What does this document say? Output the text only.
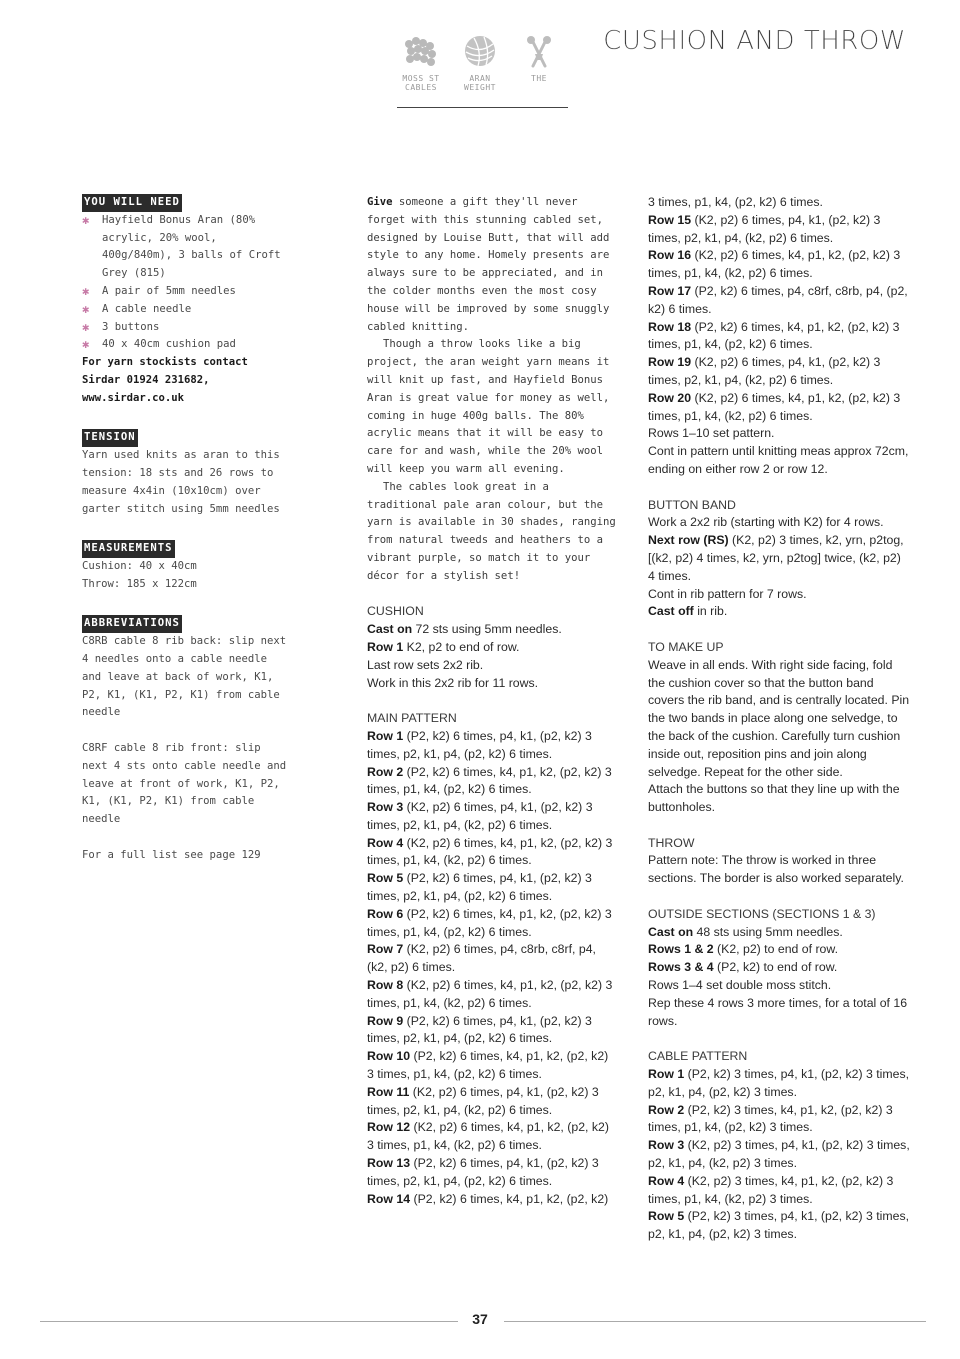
CUSHION AND THROW
MOSS ST CABLES
ARAN WEIGHT
THE
YOU WILL NEED
✱	Hayfield Bonus Aran (80% acrylic, 20% wool, 400g/840m), 3 balls of Croft Grey (815)
✱	A pair of 5mm needles
✱	A cable needle
✱	3 buttons
✱	40 x 40cm cushion pad
For yarn stockists contact Sirdar 01924 231682, www.sirdar.co.uk
TENSION
Yarn used knits as aran to this tension: 18 sts and 26 rows to measure 4x4in (10x10cm) over garter stitch using 5mm needles
MEASUREMENTS
Cushion: 40 x 40cm
Throw: 185 x 122cm
ABBREVIATIONS
C8RB cable 8 rib back: slip next 4 needles onto a cable needle and leave at back of work, K1, P2, K1, (K1, P2, K1) from cable needle
C8RF cable 8 rib front: slip next 4 sts onto cable needle and leave at front of work, K1, P2, K1, (K1, P2, K1) from cable needle
For a full list see page 129

Give someone a gift they'll never forget with this stunning cabled set, designed by Louise Butt, that will add style to any home. Homely presents are always sure to be appreciated, and in the colder months even the most cosy house will be improved by some snuggly cabled knitting.

Though a throw looks like a big project, the aran weight yarn means it will knit up fast, and Hayfield Bonus Aran is great value for money as well, coming in huge 400g balls. The 80% acrylic means that it will be easy to care for and wash, while the 20% wool will keep you warm all evening.

The cables look great in a traditional pale aran colour, but the yarn is available in 30 shades, ranging from natural tweeds and heathers to a vibrant purple, so match it to your décor for a stylish set!

CUSHION
Cast on 72 sts using 5mm needles.
Row 1 K2, p2 to end of row.
Last row sets 2x2 rib.
Work in this 2x2 rib for 11 rows.
MAIN PATTERN
Row 1 (P2, k2) 6 times, p4, k1, (p2, k2) 3 times, p2, k1, p4, (p2, k2) 6 times.
Row 2 (P2, k2) 6 times, k4, p1, k2, (p2, k2) 3 times, p1, k4, (p2, k2) 6 times.
Row 3 (K2, p2) 6 times, p4, k1, (p2, k2) 3 times, p2, k1, p4, (k2, p2) 6 times.
Row 4 (K2, p2) 6 times, k4, p1, k2, (p2, k2) 3 times, p1, k4, (k2, p2) 6 times.
Row 5 (P2, k2) 6 times, p4, k1, (p2, k2) 3 times, p2, k1, p4, (p2, k2) 6 times.
Row 6 (P2, k2) 6 times, k4, p1, k2, (p2, k2) 3 times, p1, k4, (p2, k2) 6 times.
Row 7 (K2, p2) 6 times, p4, c8rb, c8rf, p4, (k2, p2) 6 times.
Row 8 (K2, p2) 6 times, k4, p1, k2, (p2, k2) 3 times, p1, k4, (k2, p2) 6 times.
Row 9 (P2, k2) 6 times, p4, k1, (p2, k2) 3 times, p2, k1, p4, (p2, k2) 6 times.
Row 10 (P2, k2) 6 times, k4, p1, k2, (p2, k2) 3 times, p1, k4, (p2, k2) 6 times.
Row 11 (K2, p2) 6 times, p4, k1, (p2, k2) 3 times, p2, k1, p4, (k2, p2) 6 times.
Row 12 (K2, p2) 6 times, k4, p1, k2, (p2, k2) 3 times, p1, k4, (k2, p2) 6 times.
Row 13 (P2, k2) 6 times, p4, k1, (p2, k2) 3 times, p2, k1, p4, (p2, k2) 6 times.
Row 14 (P2, k2) 6 times, k4, p1, k2, (p2, k2)
3 times, p1, k4, (p2, k2) 6 times.
Row 15 (K2, p2) 6 times, p4, k1, (p2, k2) 3 times, p2, k1, p4, (k2, p2) 6 times.
Row 16 (K2, p2) 6 times, k4, p1, k2, (p2, k2) 3 times, p1, k4, (k2, p2) 6 times.
Row 17 (P2, k2) 6 times, p4, c8rf, c8rb, p4, (p2, k2) 6 times.
Row 18 (P2, k2) 6 times, k4, p1, k2, (p2, k2) 3 times, p1, k4, (p2, k2) 6 times.
Row 19 (K2, p2) 6 times, p4, k1, (p2, k2) 3 times, p2, k1, p4, (k2, p2) 6 times.
Row 20 (K2, p2) 6 times, k4, p1, k2, (p2, k2) 3 times, p1, k4, (k2, p2) 6 times.
Rows 1–10 set pattern.
Cont in pattern until knitting meas approx 72cm, ending on either row 2 or row 12.
BUTTON BAND
Work a 2x2 rib (starting with K2) for 4 rows.
Next row (RS) (K2, p2) 3 times, k2, yrn, p2tog, [(k2, p2) 4 times, k2, yrn, p2tog] twice, (k2, p2) 4 times.
Cont in rib pattern for 7 rows.
Cast off in rib.
TO MAKE UP
Weave in all ends. With right side facing, fold the cushion cover so that the button band covers the rib band, and is centrally located. Pin the two bands in place along one selvedge, to the back of the cushion. Carefully turn cushion inside out, reposition pins and join along selvedge. Repeat for the other side.
Attach the buttons so that they line up with the buttonholes.
THROW
Pattern note: The throw is worked in three sections. The border is also worked separately.
OUTSIDE SECTIONS (SECTIONS 1 & 3)
Cast on 48 sts using 5mm needles.
Rows 1 & 2 (K2, p2) to end of row.
Rows 3 & 4 (P2, k2) to end of row.
Rows 1–4 set double moss stitch.
Rep these 4 rows 3 more times, for a total of 16 rows.
CABLE PATTERN
Row 1 (P2, k2) 3 times, p4, k1, (p2, k2) 3 times, p2, k1, p4, (p2, k2) 3 times.
Row 2 (P2, k2) 3 times, k4, p1, k2, (p2, k2) 3 times, p1, k4, (p2, k2) 3 times.
Row 3 (K2, p2) 3 times, p4, k1, (p2, k2) 3 times, p2, k1, p4, (k2, p2) 3 times.
Row 4 (K2, p2) 3 times, k4, p1, k2, (p2, k2) 3 times, p1, k4, (k2, p2) 3 times.
Row 5 (P2, k2) 3 times, p4, k1, (p2, k2) 3 times, p2, k1, p4, (p2, k2) 3 times.
37
